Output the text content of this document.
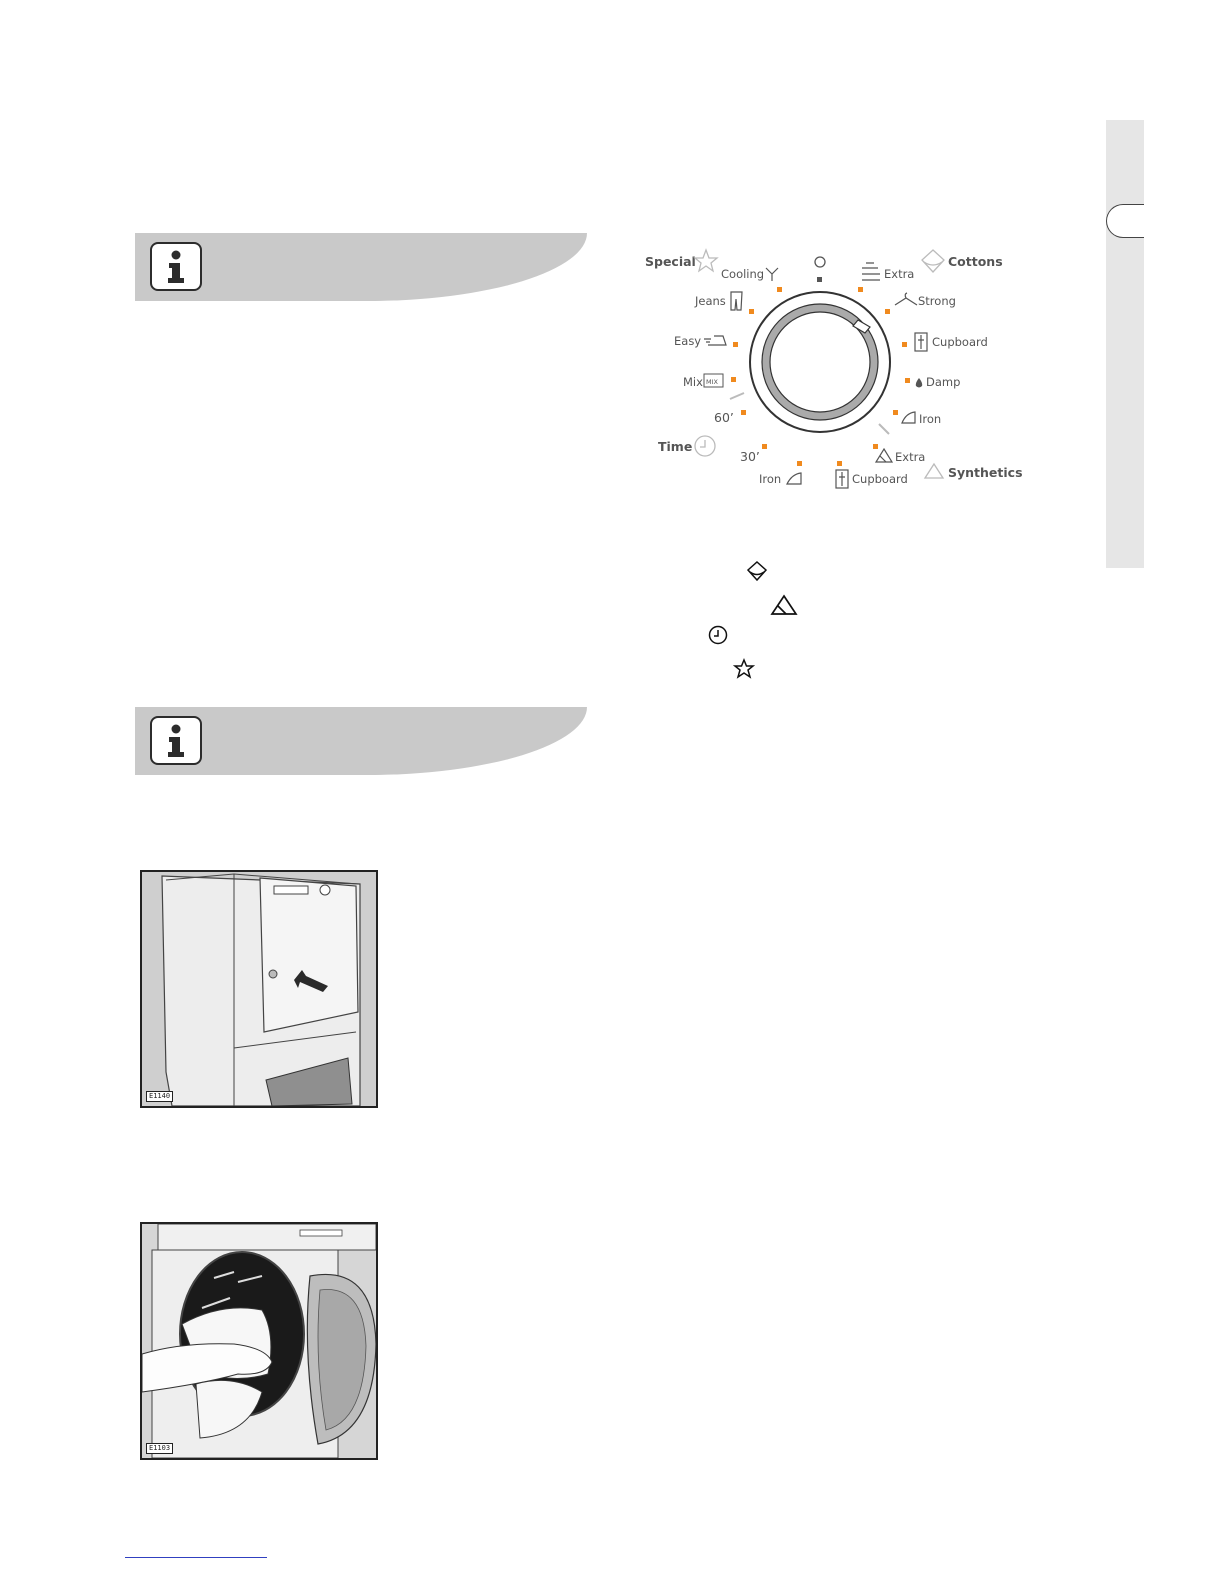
Special	Cottons
Time
Synthetics
Cooling
Jeans
Easy
Mix MIX
60’
30’
Iron	Cupboard
Extra
Iron
Damp
Cupboard
Strong
Extra
E1140
E1103
